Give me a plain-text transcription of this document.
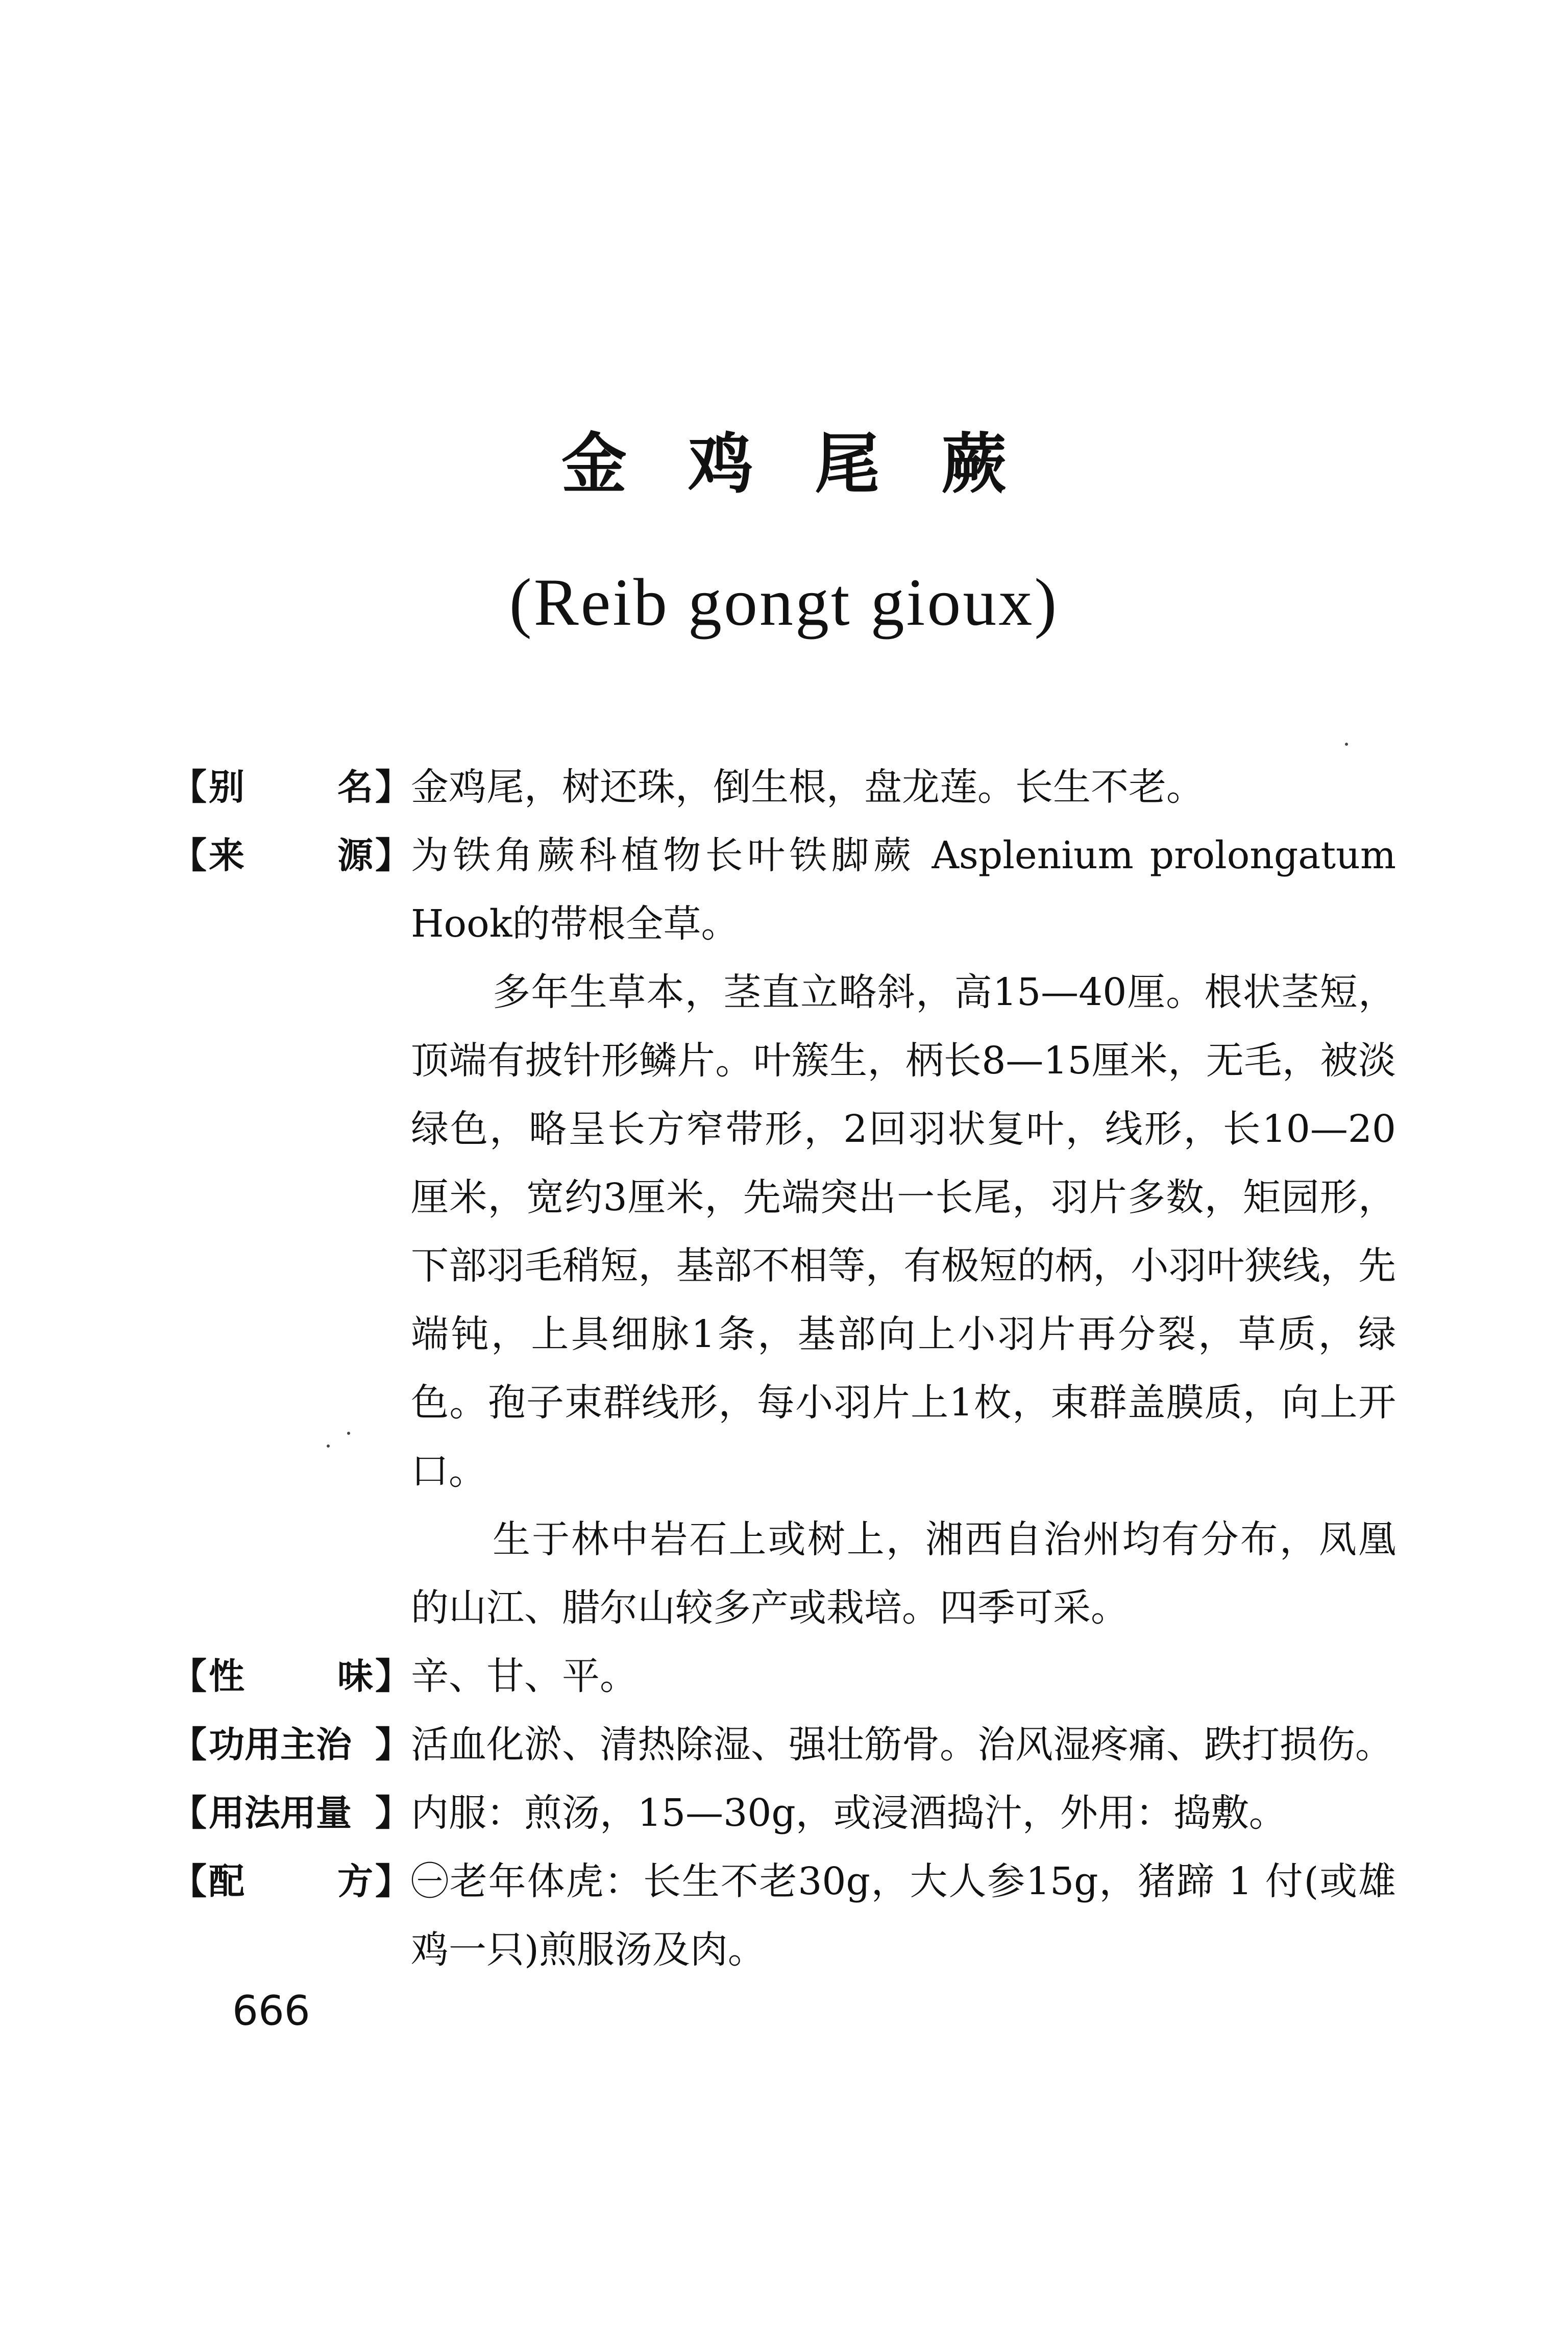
金鸡尾蕨
(Reib gongt gioux)
【 别	名 】 金鸡尾，树还珠，倒生根，盘龙莲。长生不老。

【 来	源 】 为铁角蕨科植物长叶铁脚蕨 Asplenium prolongatum Hook的带根全草。

多年生草本，茎直立略斜，高15—40厘。根状茎短，顶端有披针形鳞片。叶簇生，柄长8—15厘米，无毛，被淡绿色，略呈长方窄带形，2回羽状复叶，线形，长10—20厘米，宽约3厘米，先端突出一长尾，羽片多数，矩园形，下部羽毛稍短，基部不相等，有极短的柄，小羽叶狭线，先端钝，上具细脉1条，基部向上小羽片再分裂，草质，绿色。孢子束群线形，每小羽片上1枚，束群盖膜质，向上开口。

生于林中岩石上或树上，湘西自治州均有分布，凤凰的山江、腊尔山较多产或栽培。四季可采。

【 性	味 】 辛、甘、平。

【 功用主治 】 活血化淤、清热除湿、强壮筋骨。治风湿疼痛、跌打损伤。

【 用法用量 】 内服：煎汤，15—30g，或浸酒捣汁，外用：捣敷。

【 配	方 】 ㊀老年体虎：长生不老30g，大人参15g，猪蹄 1 付(或雄鸡一只)煎服汤及肉。

666
